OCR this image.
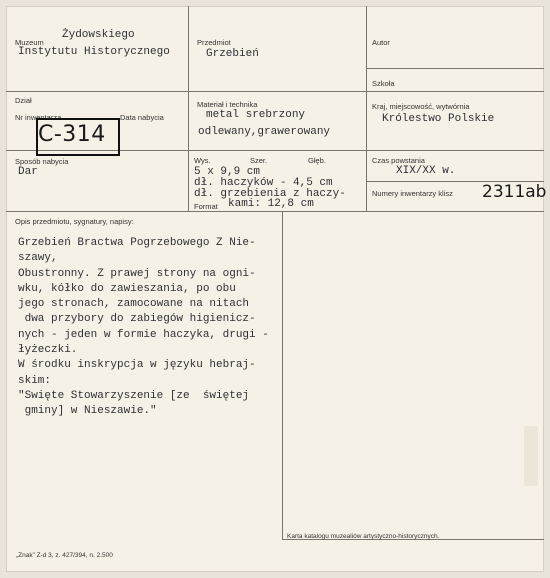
Muzeum
Żydowskiego
Instytutu Historycznego
Przedmiot
Grzebień
Autor
Szkoła
Dział
Nr inwentarza	Data nabycia
C-314
Materiał i technika
metal srebrzony
odlewany,grawerowany
Kraj, miejscowość, wytwórnia
Królestwo Polskie
Sposób nabycia
Dar
Wys.	Szer.	Głęb.
5 x 9,9 cm
dł. haczyków - 4,5 cm
dł. grzebienia z haczy-
Format kami: 12,8 cm
Czas powstania
XIX/XX w.
Numery inwentarzy klisz 2311ab
Opis przedmiotu, sygnatury, napisy:
Grzebień Bractwa Pogrzebowego Z Nie-
szawy,
Obustronny. Z prawej strony na ogni-
wku, kółko do zawieszania, po obu
jego stronach, zamocowane na nitach
dwa przybory do zabiegów higienicz-
nych - jeden w formie haczyka, drugi -
łyżeczki.
W środku inskrypcja w języku hebraj-
skim:
"Swięte Stowarzyszenie [ze  świętej
gminy] w Nieszawie."
Karta katalogu muzealiów artystyczno-historycznych.
„Znak” Z-d 3, z. 427/394, n. 2.500
